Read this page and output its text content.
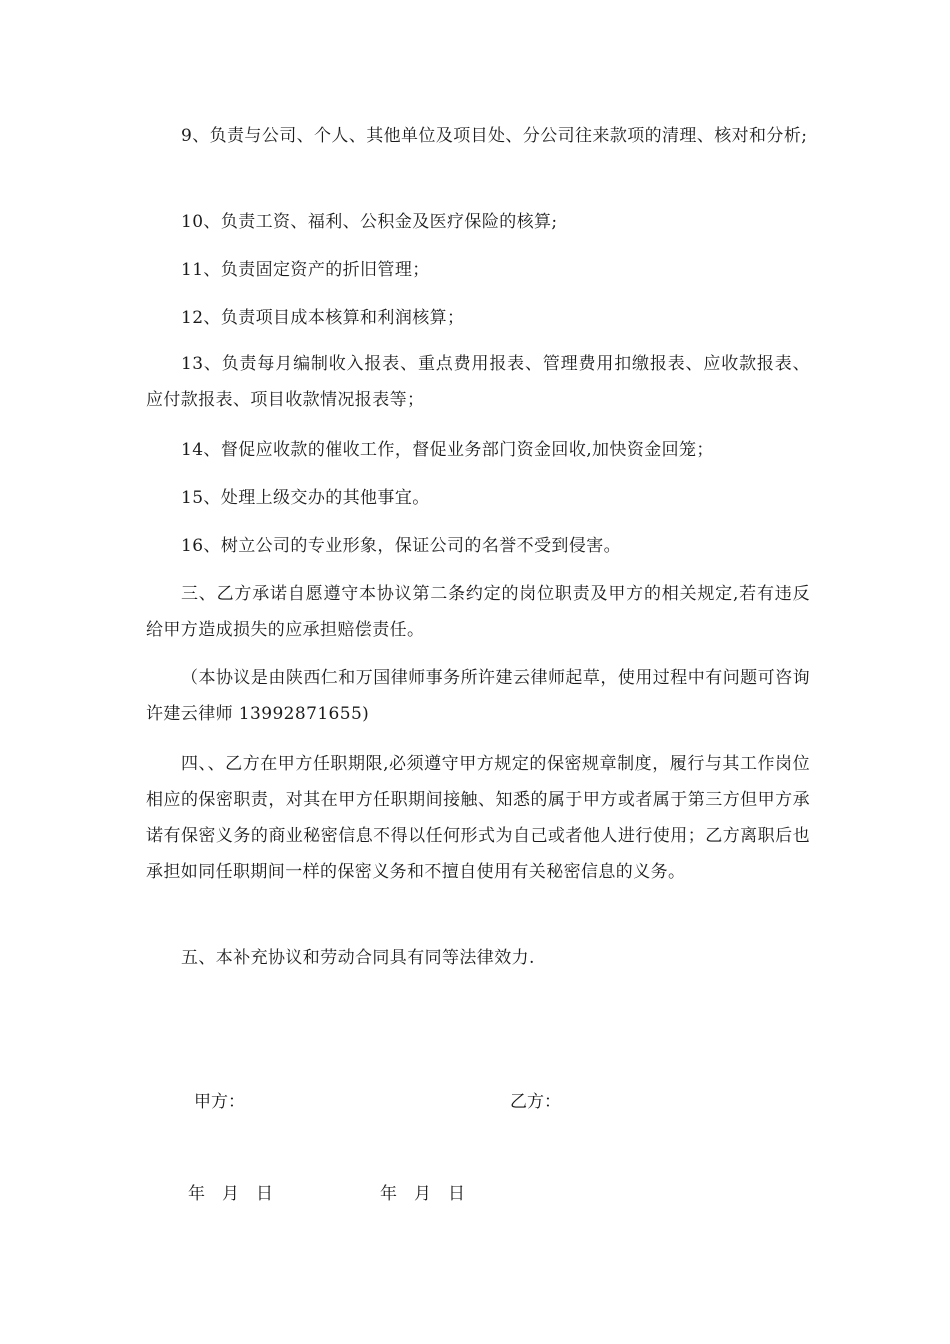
9、负责与公司、个人、其他单位及项目处、分公司往来款项的清理、核对和分析;

10、负责工资、福利、公积金及医疗保险的核算;

11、负责固定资产的折旧管理；

12、负责项目成本核算和利润核算；

13、负责每月编制收入报表、重点费用报表、管理费用扣缴报表、应收款报表、应付款报表、项目收款情况报表等；

14、督促应收款的催收工作，督促业务部门资金回收,加快资金回笼；

15、处理上级交办的其他事宜。

16、树立公司的专业形象，保证公司的名誉不受到侵害。

三、乙方承诺自愿遵守本协议第二条约定的岗位职责及甲方的相关规定,若有违反给甲方造成损失的应承担赔偿责任。

（本协议是由陕西仁和万国律师事务所许建云律师起草，使用过程中有问题可咨询许建云律师 13992871655)

四、、乙方在甲方任职期限,必须遵守甲方规定的保密规章制度，履行与其工作岗位相应的保密职责，对其在甲方任职期间接触、知悉的属于甲方或者属于第三方但甲方承诺有保密义务的商业秘密信息不得以任何形式为自己或者他人进行使用；乙方离职后也承担如同任职期间一样的保密义务和不擅自使用有关秘密信息的义务。

五、本补充协议和劳动合同具有同等法律效力.

甲方：	乙方：

年　月　日	年　月　日
